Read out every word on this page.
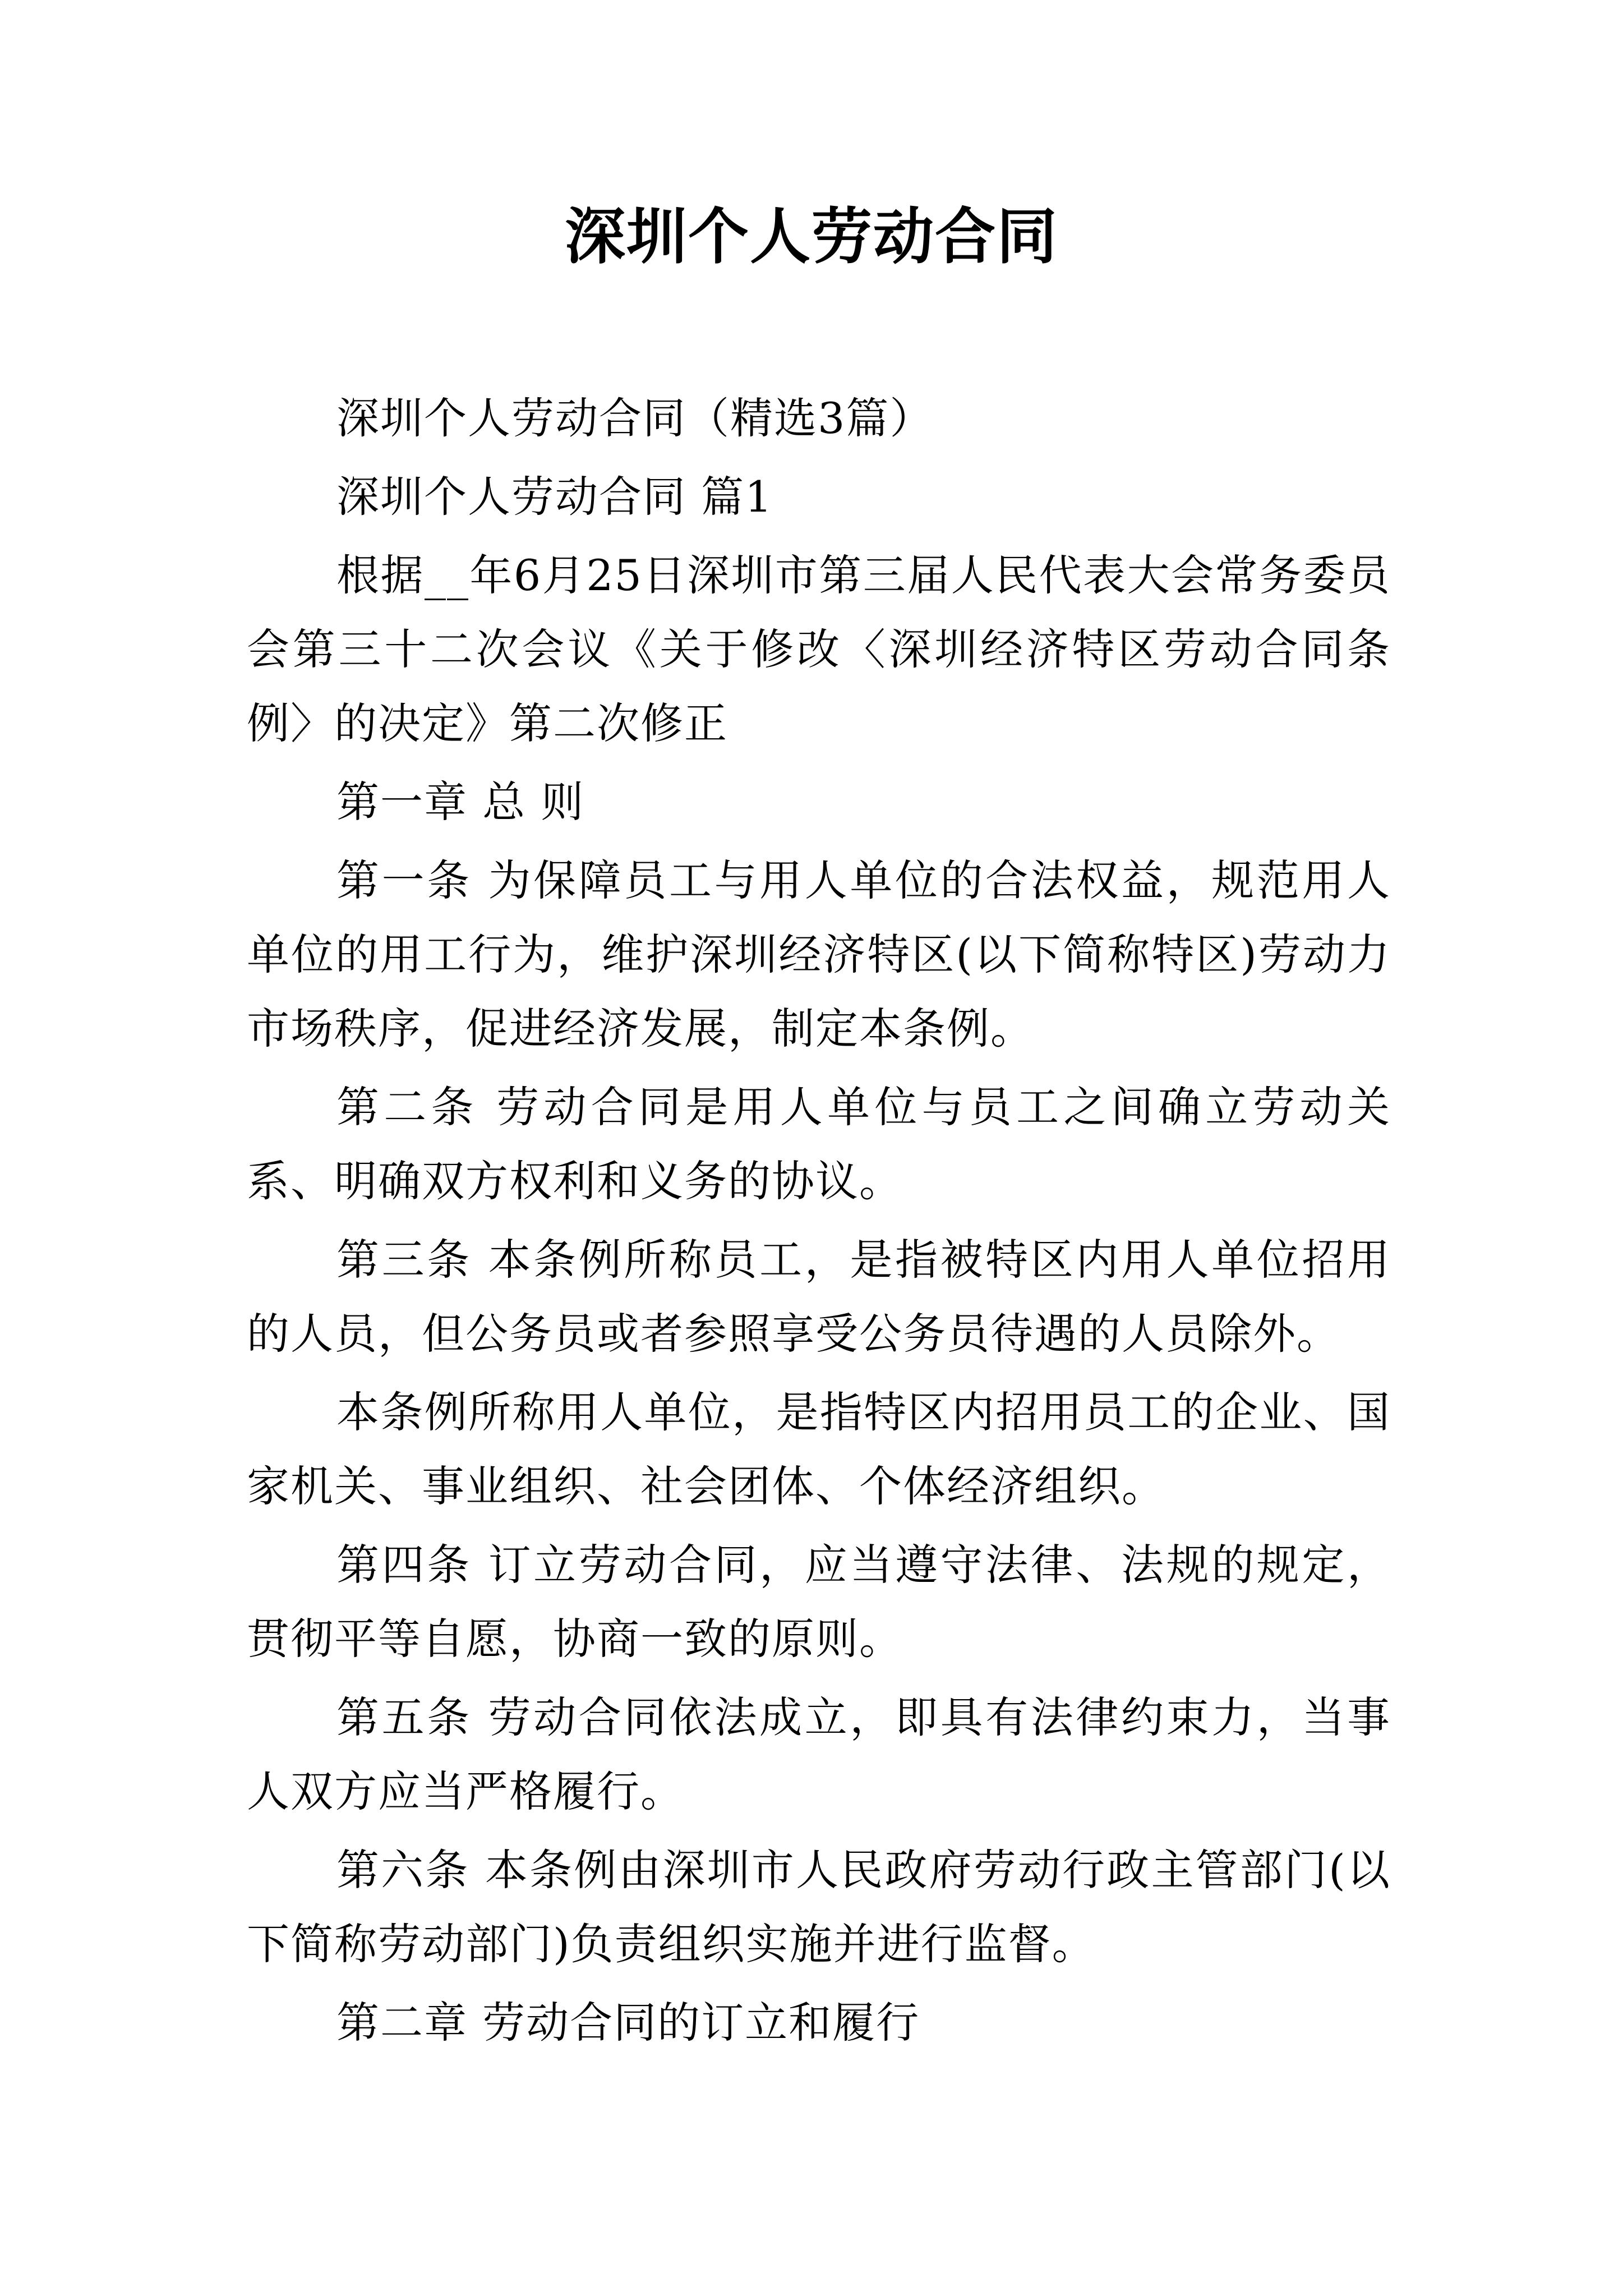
深圳个人劳动合同

深圳个人劳动合同（精选3篇）

深圳个人劳动合同 篇1

根据__年6月25日深圳市第三届人民代表大会常务委员会第三十二次会议《关于修改〈深圳经济特区劳动合同条例〉的决定》第二次修正

第一章 总 则

第一条 为保障员工与用人单位的合法权益，规范用人单位的用工行为，维护深圳经济特区(以下简称特区)劳动力市场秩序，促进经济发展，制定本条例。

第二条 劳动合同是用人单位与员工之间确立劳动关系、明确双方权利和义务的协议。

第三条 本条例所称员工，是指被特区内用人单位招用的人员，但公务员或者参照享受公务员待遇的人员除外。

本条例所称用人单位，是指特区内招用员工的企业、国家机关、事业组织、社会团体、个体经济组织。

第四条 订立劳动合同，应当遵守法律、法规的规定，贯彻平等自愿，协商一致的原则。

第五条 劳动合同依法成立，即具有法律约束力，当事人双方应当严格履行。

第六条 本条例由深圳市人民政府劳动行政主管部门(以下简称劳动部门)负责组织实施并进行监督。

第二章 劳动合同的订立和履行
